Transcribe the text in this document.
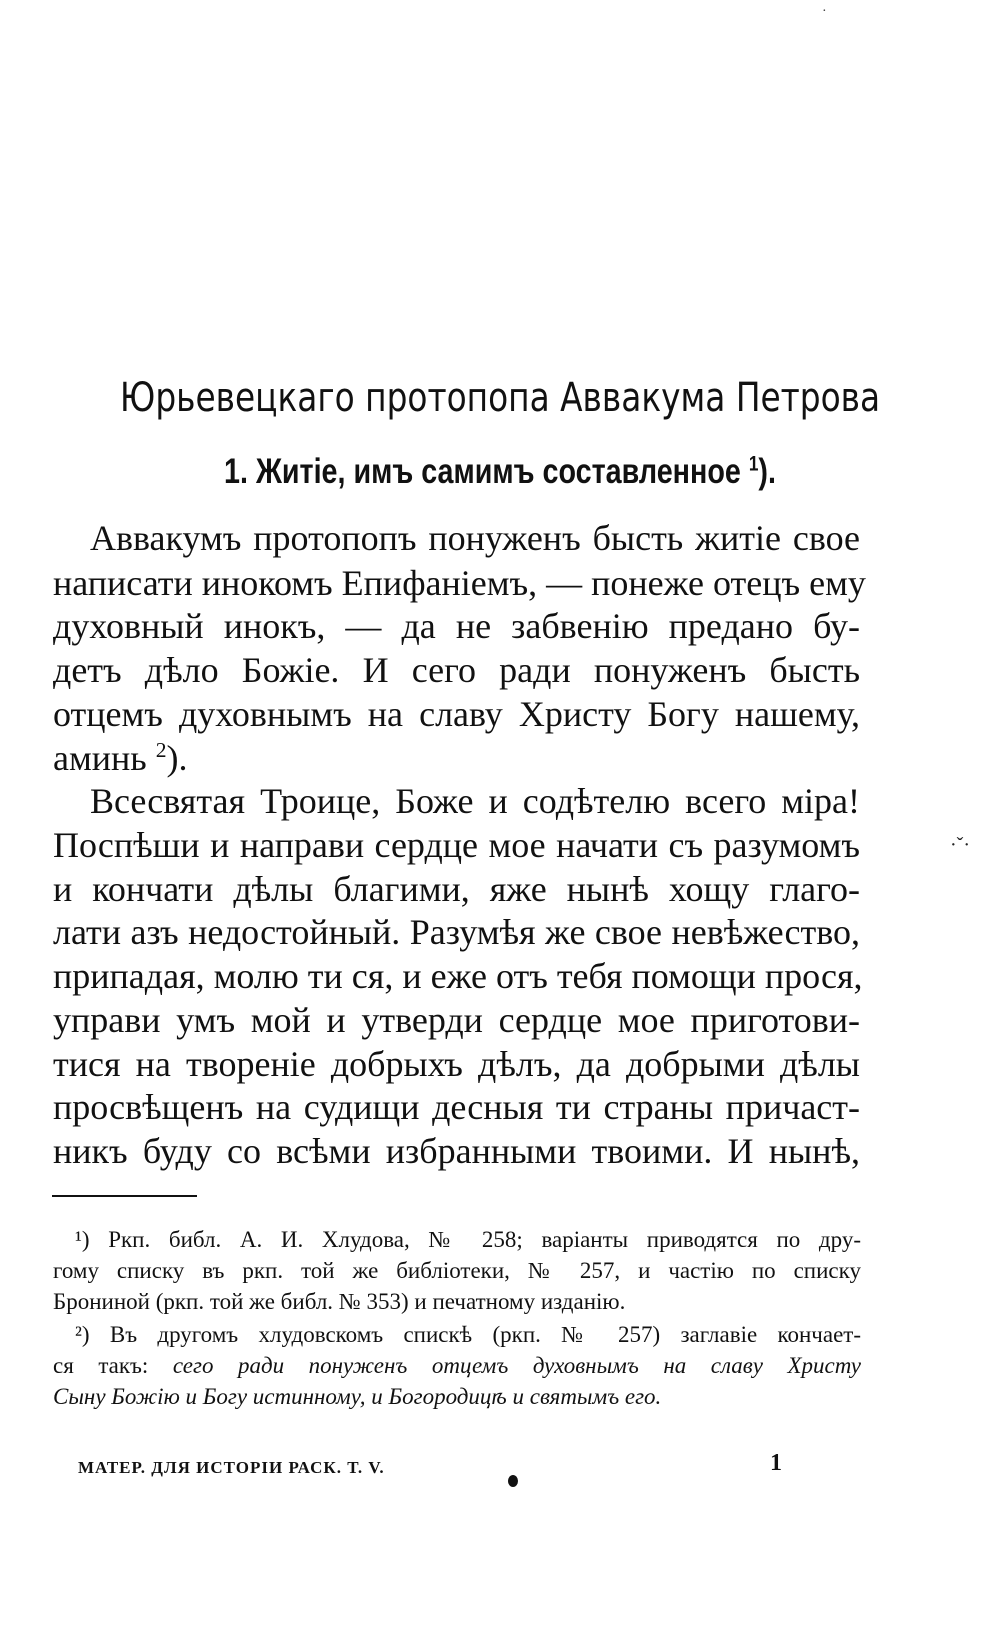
·
Юрьевецкаго протопопа Аввакума Петрова
1. Житіе, имъ самимъ составленное $^1$).
Аввакумъ протопопъ понуженъ бысть житіе свое
написати инокомъ Епифаніемъ, — понеже отецъ ему
духовный инокъ, — да не забвенію предано бу-
детъ дѣло Божіе. И сего ради понуженъ бысть
отцемъ духовнымъ на славу Христу Богу нашему,
аминь $^2$).
Всесвятая Троице, Боже и содѣтелю всего міра!
Поспѣши и направи сердце мое начати съ разумомъ
и кончати дѣлы благими, яже нынѣ хощу глаго-
лати азъ недостойный. Разумѣя же свое невѣжество,
припадая, молю ти ся, и еже отъ тебя помощи прося,
управи умъ мой и утверди сердце мое приготови-
тися на твореніе добрыхъ дѣлъ, да добрыми дѣлы
просвѣщенъ на судищи десныя ти страны причаст-
никъ буду со всѣми избранными твоими. И нынѣ,
·ˇ·
¹) Ркп. библ. А. И. Хлудова, № 258; варіанты приводятся по дру-
гому списку въ ркп. той же библіотеки, № 257, и частію по списку
Брониной (ркп. той же библ. № 353) и печатному изданію.
²) Въ другомъ хлудовскомъ спискѣ (ркп. № 257) заглавіе кончает-
ся такъ: сего ради понуженъ отцемъ духовнымъ на славу Христу
Сыну Божію и Богу истинному, и Богородицѣ и святымъ его.
МАТЕР. ДЛЯ ИСТОРІИ РАСК. Т. V.	1
